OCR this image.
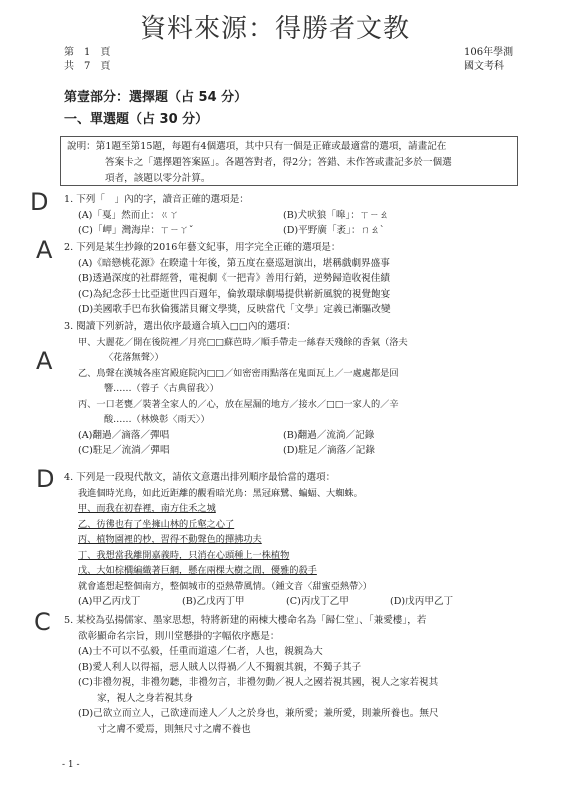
資料來源：得勝者文教
第　1　頁
共　7　頁
106年學測
國文考科
第壹部分：選擇題（占 54 分）
一、單選題（占 30 分）
說明：第1題至第15題，每題有4個選項，其中只有一個是正確或最適當的選項，請畫記在
答案卡之「選擇題答案區」。各題答對者，得2分；答錯、未作答或畫記多於一個選
項者，該題以零分計算。
D
A
A
D
C
1. 下列「　」內的字，讀音正確的選項是：
(A)「戛」然而止：ㄍㄚ	(B)犬吠狼「嗥」：ㄒㄧㄠ
(C)「岬」灣海岸：ㄒㄧㄚˇ	(D)平野廣「袤」：ㄇㄠˋ
2. 下列是某生抄錄的2016年藝文紀事，用字完全正確的選項是：
(A)《暗戀桃花源》在睽違十年後，第五度在臺巡迴演出，堪稱戲劇界盛事
(B)透過深度的社群經營，電視劇《一把青》善用行銷，逆勢歸造收視佳績
(C)為紀念莎士比亞逝世四百週年，倫敦環球劇場提供嶄新風貌的視覺飽宴
(D)美國歌手巴布狄倫獲諾貝爾文學獎，反映當代「文學」定義已漸驅改變
3. 閱讀下列新詩，選出依序最適合填入□□內的選項：
甲、大麗花／開在後院裡／月亮□□蘇芭時／順手帶走一絲春天殘餘的香氣（洛夫
〈花落無聲〉）
乙、鳥聲在漢城各座宮殿庭院內□□／如密密雨點落在鬼面瓦上／一處處都是回
響……（蓉子〈古典留我〉）
丙、一口老甕／裝著全家人的／心，放在屋漏的地方／接水／□□一家人的／辛
酸……（林煥彰〈雨天〉）
(A)翻過／滴落／彈唱	(B)翻過／流淌／記錄
(C)駐足／流淌／彈唱	(D)駐足／滴落／記錄
4. 下列是一段現代散文，請依文意選出排列順序最恰當的選項：
我進個時光鳥，如此近距離的觀看暗光鳥：黑冠麻鷺、蝙蝠、大蜘蛛。
甲、而我在初春裡，南方住禾之城
乙、彷彿也有了坐擁山林的丘壑之心了
丙、植物園裡的杪，習得不動聲色的撣拂功夫
丁、我想當我離開嘉義時，只消在心頭種上一株植物
戊、大如棕櫚編織著巨網，懸在兩棵大樹之間，優雅的殺手
就會遙想起整個南方，整個城市的亞熱帶風情。（鍾文音〈甜蜜亞熱帶〉）
(A)甲乙丙戊丁	(B)乙戊丙丁甲	(C)丙戊丁乙甲	(D)戊丙甲乙丁
5. 某校為弘揚儒家、墨家思想，特將新建的兩棟大樓命名為「歸仁堂」、「兼愛樓」，若
欲彰顯命名宗旨，則川堂懸掛的字幅依序應是：
(A)士不可以不弘毅，任重而道遠／仁者，人也，親親為大
(B)愛人利人以得福，惡人賊人以得禍／人不獨親其親，不獨子其子
(C)非禮勿視，非禮勿聽，非禮勿言，非禮勿動／視人之國若視其國，視人之家若視其
　　家，視人之身若視其身
(D)己欲立而立人，己欲達而達人／人之於身也，兼所愛；兼所愛，則兼所養也。無尺
　　寸之膚不愛焉，則無尺寸之膚不養也
- 1 -
